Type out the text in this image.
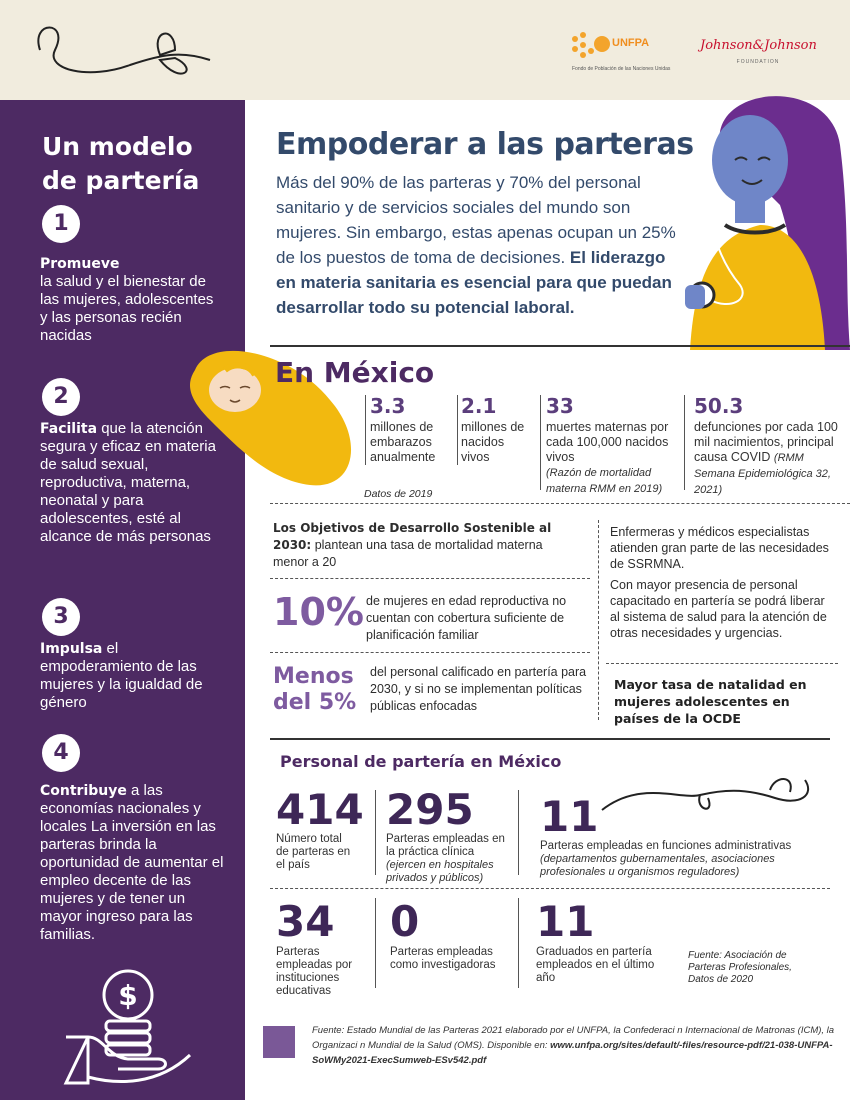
UNFPA
Fondo de Población de las Naciones Unidas
Johnson&Johnson
FOUNDATION
Un modelo de partería
1
Promueve
la salud y el bienestar de las mujeres, adolescentes y las personas recién nacidas
2
Facilita que la atención segura y eficaz en materia de salud sexual, reproductiva, materna, neonatal y para adolescentes, esté al alcance de más personas
3
Impulsa el empoderamiento de las mujeres y la igualdad de género
4
Contribuye a las economías nacionales y locales La inversión en las parteras brinda la oportunidad de aumentar el empleo decente de las mujeres y de tener un mayor ingreso para las familias.
$
Empoderar a las parteras
Más del 90% de las parteras y 70% del personal sanitario y de servicios sociales del mundo son mujeres. Sin embargo, estas apenas ocupan un 25% de los puestos de toma de decisiones. El liderazgo en materia sanitaria es esencial para que puedan desarrollar todo su potencial laboral.
En México
3.3
millones de embarazos anualmente
2.1
millones de nacidos vivos
33
muertes maternas por cada 100,000 nacidos vivos
(Razón de mortalidad materna RMM en 2019)
50.3
defunciones por cada 100 mil nacimientos, principal causa COVID (RMM Semana Epidemiológica 32, 2021)
Datos de 2019
Los Objetivos de Desarrollo Sostenible al 2030: plantean una tasa de mortalidad materna menor a 20
10% de mujeres en edad reproductiva no cuentan con cobertura suficiente de planificación familiar
Menos del 5%
del personal calificado en partería para 2030, y si no se implementan políticas públicas enfocadas
Enfermeras y médicos especialistas atienden gran parte de las necesidades de SSRMNA.
Con mayor presencia de personal capacitado en partería se podrá liberar al sistema de salud para la atención de otras necesidades y urgencias.
Mayor tasa de natalidad en mujeres adolescentes en países de la OCDE
Personal de partería en México
414
Número total de parteras en el país
295
Parteras empleadas en la práctica clínica
(ejercen en hospitales privados y públicos)
11
Parteras empleadas en funciones administrativas
(departamentos gubernamentales, asociaciones profesionales u organismos reguladores)
34
Parteras empleadas por instituciones educativas
0
Parteras empleadas como investigadoras
11
Graduados en partería empleados en el último año
Fuente: Asociación de Parteras Profesionales, Datos de 2020
Fuente: Estado Mundial de las Parteras 2021 elaborado por el UNFPA, la Confederaci n Internacional de Matronas (ICM), la Organizaci n Mundial de la Salud (OMS). Disponible en: www.unfpa.org/sites/default/-files/resource-pdf/21-038-UNFPA-SoWMy2021-ExecSumweb-ESv542.pdf
